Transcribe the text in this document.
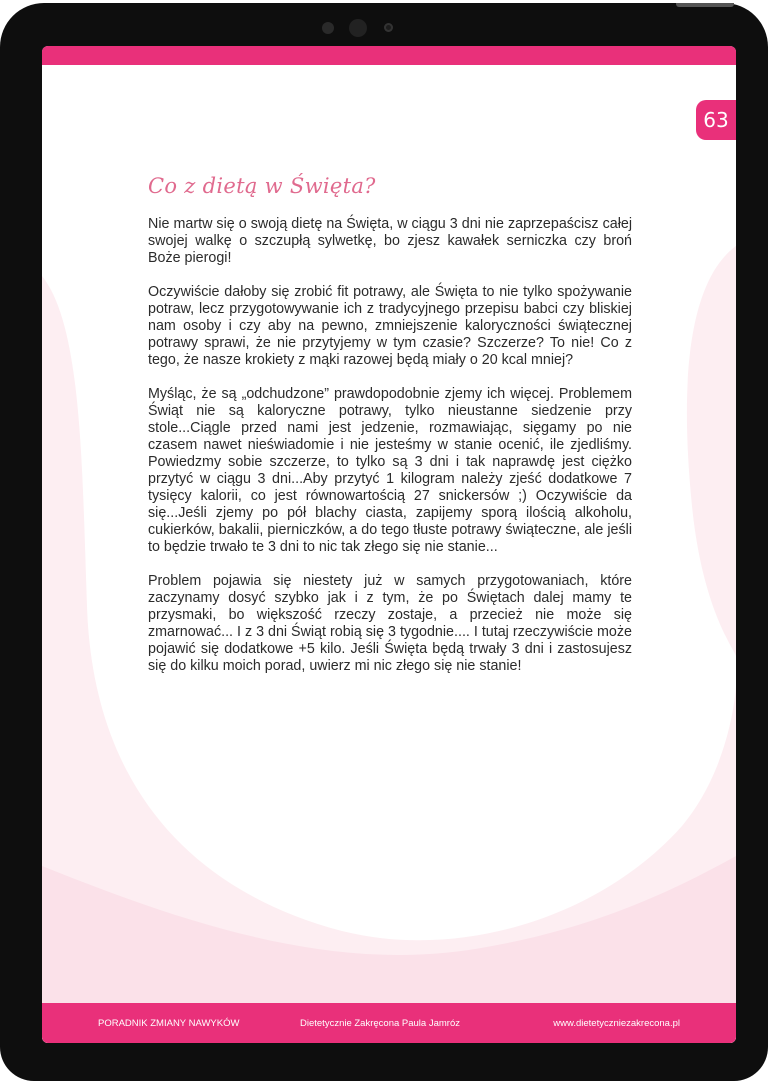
63
Co z dietą w Święta?

Nie martw się o swoją dietę na Święta, w ciągu 3 dni nie zaprzepaścisz całej swojej walkę o szczupłą sylwetkę, bo zjesz kawałek serniczka czy broń Boże pierogi!

Oczywiście dałoby się zrobić fit potrawy, ale Święta to nie tylko spożywanie potraw, lecz przygotowywanie ich z tradycyjnego przepisu babci czy bliskiej nam osoby i czy aby na pewno, zmniejszenie kaloryczności świątecznej potrawy sprawi, że nie przytyjemy w tym czasie? Szczerze? To nie! Co z tego, że nasze krokiety z mąki razowej będą miały o 20 kcal mniej?

Myśląc, że są „odchudzone” prawdopodobnie zjemy ich więcej. Problemem Świąt nie są kaloryczne potrawy, tylko nieustanne siedzenie przy stole...Ciągle przed nami jest jedzenie, rozmawiając, sięgamy po nie czasem nawet nieświadomie i nie jesteśmy w stanie ocenić, ile zjedliśmy. Powiedzmy sobie szczerze, to tylko są 3 dni i tak naprawdę jest ciężko przytyć w ciągu 3 dni...Aby przytyć 1 kilogram należy zjeść dodatkowe 7 tysięcy kalorii, co jest równowartością 27 snickersów ;) Oczywiście da się...Jeśli zjemy po pół blachy ciasta, zapijemy sporą ilością alkoholu, cukierków, bakalii, pierniczków, a do tego tłuste potrawy świąteczne, ale jeśli to będzie trwało te 3 dni to nic tak złego się nie stanie...

Problem pojawia się niestety już w samych przygotowaniach, które zaczynamy dosyć szybko jak i z tym, że po Świętach dalej mamy te przysmaki, bo większość rzeczy zostaje, a przecież nie może się zmarnować... I z 3 dni Świąt robią się 3 tygodnie.... I tutaj rzeczywiście może pojawić się dodatkowe +5 kilo. Jeśli Święta będą trwały 3 dni i zastosujesz się do kilku moich porad, uwierz mi nic złego się nie stanie!

PORADNIK ZMIANY NAWYKÓW	Dietetycznie Zakręcona Paula Jamróz	www.dietetyczniezakrecona.pl
